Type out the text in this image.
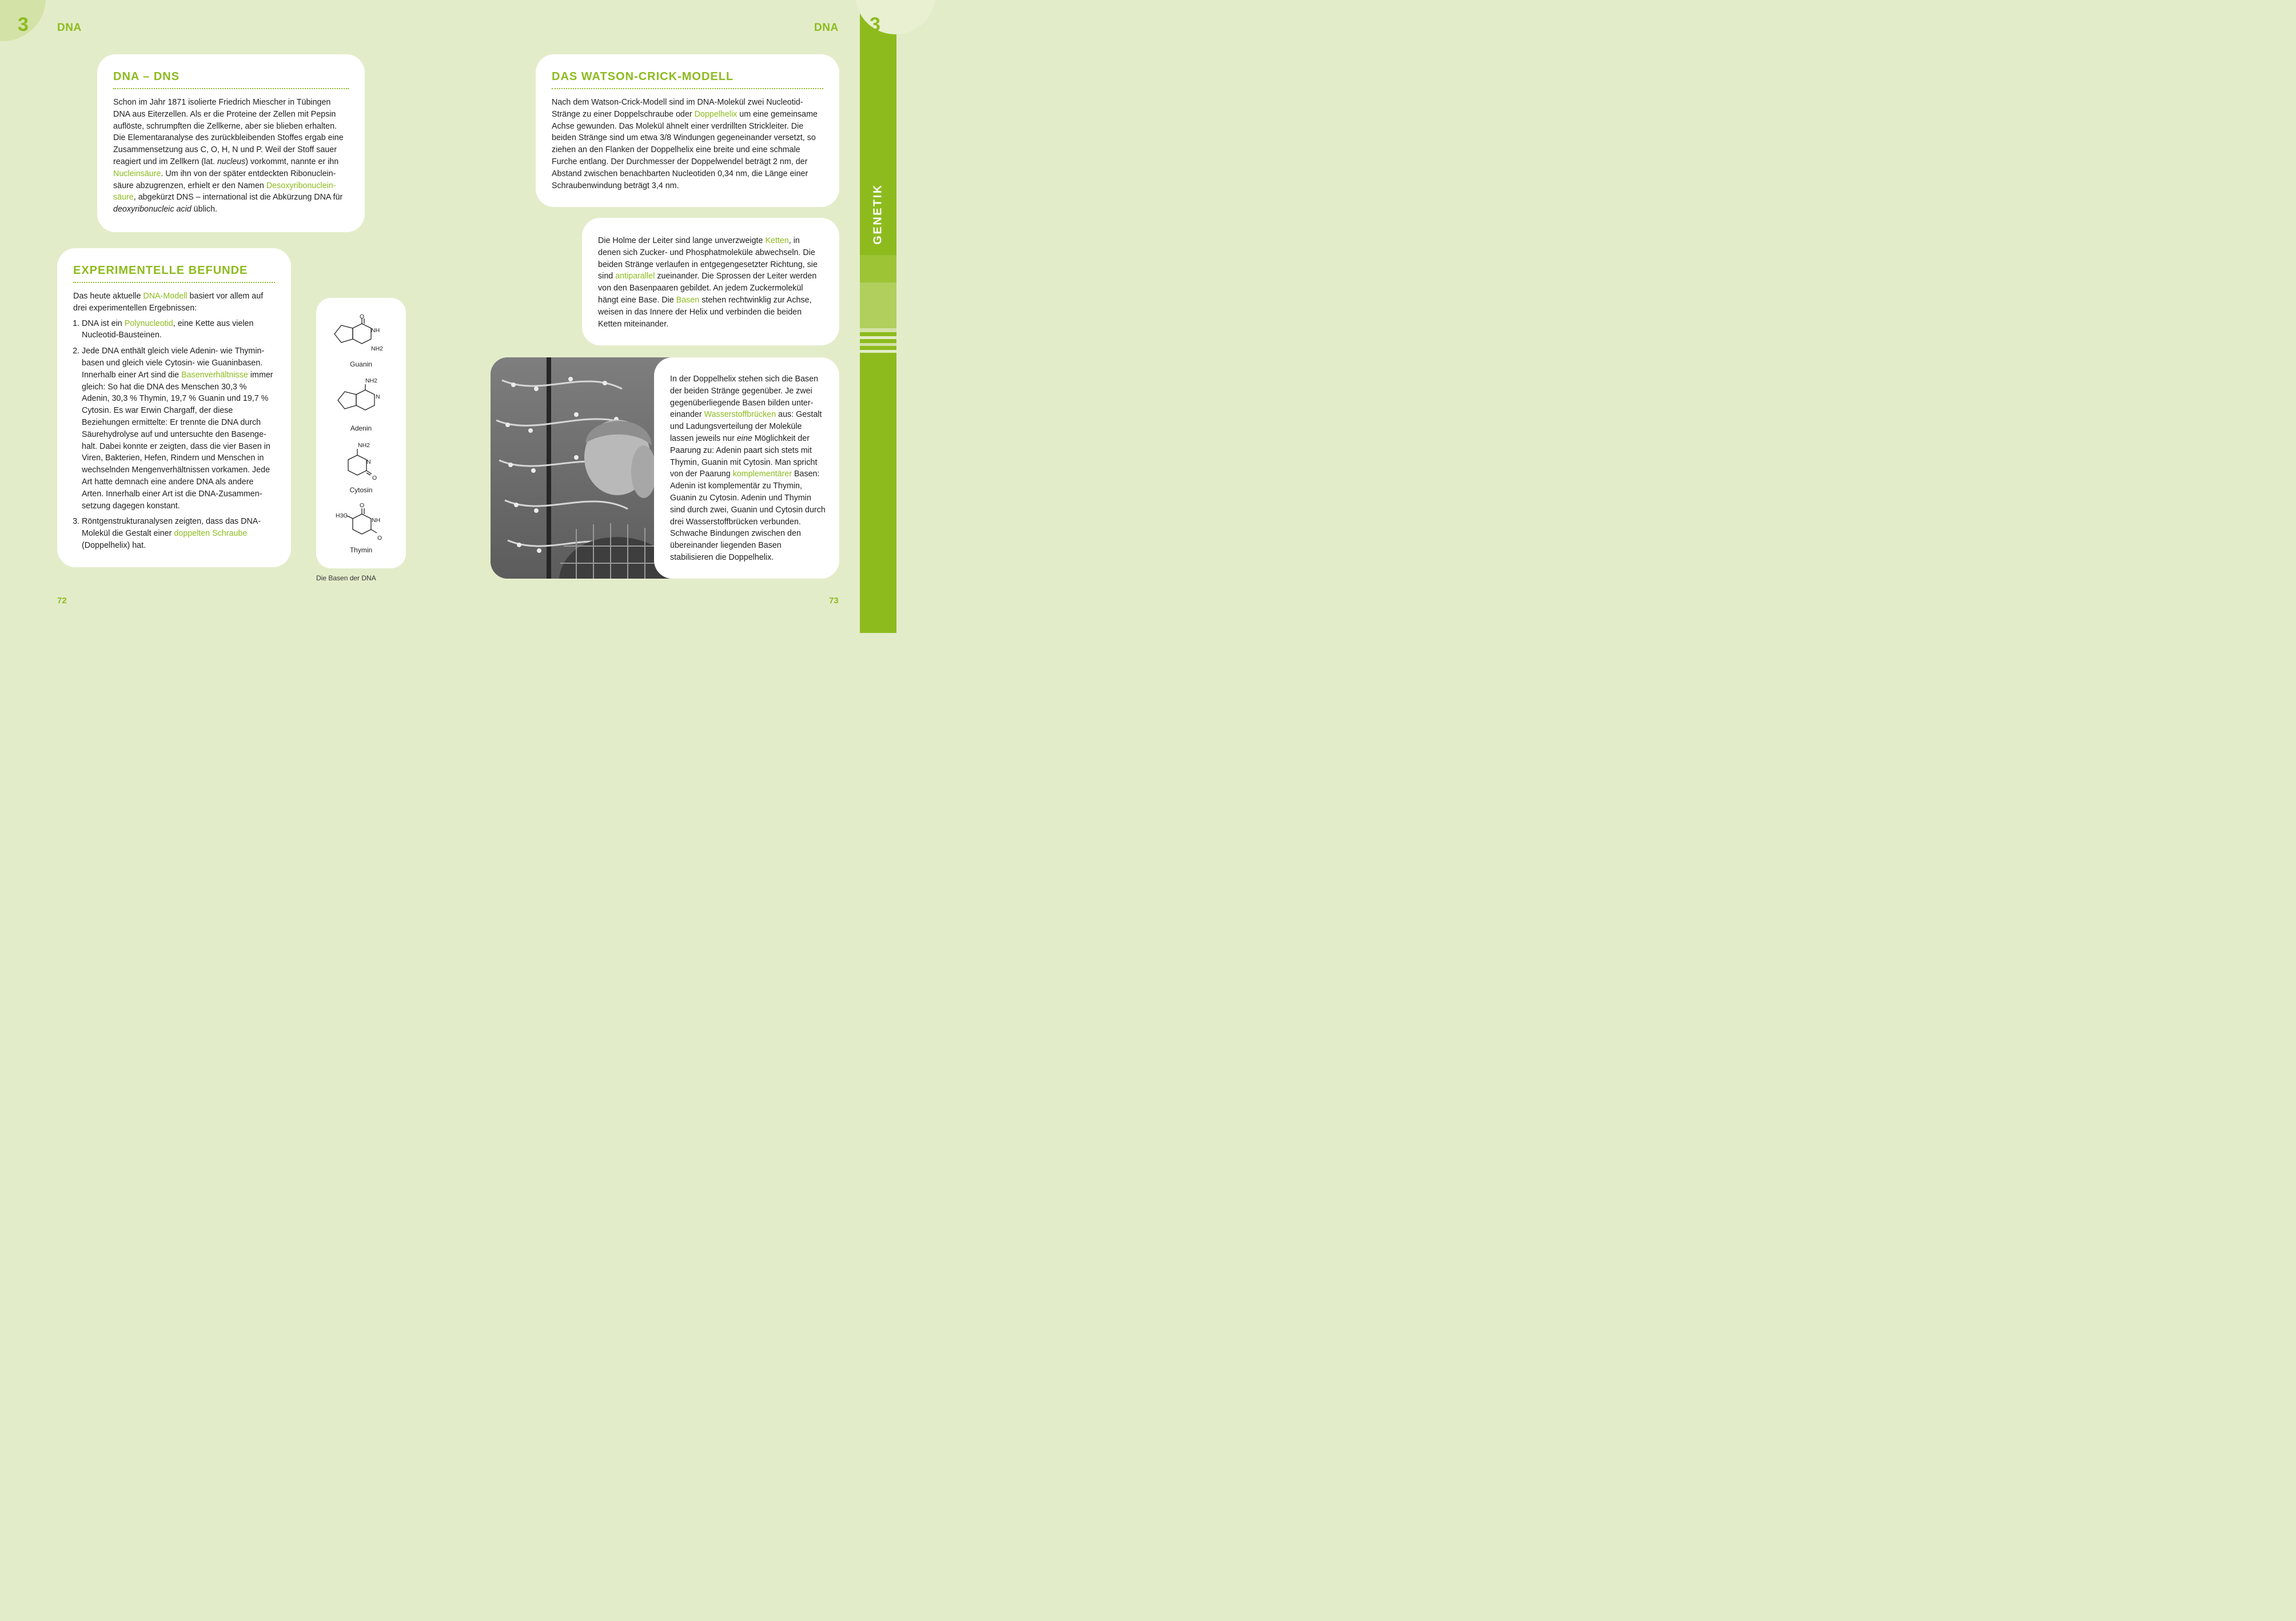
3	DNA
GENETIK
3
DNA
DNA – DNS
Schon im Jahr 1871 isolierte Friedrich Miescher in Tübingen DNA aus Eiterzellen. Als er die Proteine der Zellen mit Pepsin auflöste, schrumpften die Zellkerne, aber sie blieben erhalten. Die Elementaranalyse des zurückbleibenden Stoffes ergab eine Zusammensetzung aus C, O, H, N und P. Weil der Stoff sauer reagiert und im Zellkern (lat. nucleus) vorkommt, nannte er ihn Nucleinsäure. Um ihn von der später entdeckten Ribonucleinsäure abzugrenzen, erhielt er den Namen Desoxyribonucleinsäure, abgekürzt DNS – international ist die Abkürzung DNA für deoxyribonucleic acid üblich.
EXPERIMENTELLE BEFUNDE
Das heute aktuelle DNA-Modell basiert vor allem auf drei experimentellen Ergebnissen:
1. DNA ist ein Polynucleotid, eine Kette aus vielen Nucleotid-Bausteinen.
2. Jede DNA enthält gleich viele Adenin- wie Thyminbasen und gleich viele Cytosin- wie Guaninbasen. Innerhalb einer Art sind die Basenverhältnisse immer gleich: So hat die DNA des Menschen 30,3 % Adenin, 30,3 % Thymin, 19,7 % Guanin und 19,7 % Cytosin. Es war Erwin Chargaff, der diese Beziehungen ermittelte: Er trennte die DNA durch Säurehydrolyse auf und untersuchte den Basengehalt. Dabei konnte er zeigten, dass die vier Basen in Viren, Bakterien, Hefen, Rindern und Menschen in wechselnden Mengenverhältnissen vorkamen. Jede Art hatte demnach eine andere DNA als andere Arten. Innerhalb einer Art ist die DNA-Zusammensetzung dagegen konstant.
3. Röntgenstrukturanalysen zeigten, dass das DNA-Molekül die Gestalt einer doppelten Schraube (Doppelhelix) hat.
O
NH
NH2
NH2
N
NH2
N
O
O
NH
O
H3C
Guanin
Adenin
Cytosin
Thymin
Die Basen der DNA
DAS WATSON-CRICK-MODELL
Nach dem Watson-Crick-Modell sind im DNA-Molekül zwei Nucleotid-Stränge zu einer Doppelschraube oder Doppelhelix um eine gemeinsame Achse gewunden. Das Molekül ähnelt einer verdrillten Strickleiter. Die beiden Stränge sind um etwa 3/8 Windungen gegeneinander versetzt, so ziehen an den Flanken der Doppelhelix eine breite und eine schmale Furche entlang. Der Durchmesser der Doppelwendel beträgt 2 nm, der Abstand zwischen benachbarten Nucleotiden 0,34 nm, die Länge einer Schraubenwindung beträgt 3,4 nm.
Die Holme der Leiter sind lange unverzweigte Ketten, in denen sich Zucker- und Phosphatmoleküle abwechseln. Die beiden Stränge verlaufen in entgegengesetzter Richtung, sie sind antiparallel zueinander. Die Sprossen der Leiter werden von den Basenpaaren gebildet. An jedem Zuckermolekül hängt eine Base. Die Basen stehen rechtwinklig zur Achse, weisen in das Innere der Helix und verbinden die beiden Ketten miteinander.
In der Doppelhelix stehen sich die Basen der beiden Stränge gegenüber. Je zwei gegenüberliegende Basen bilden untereinander Wasserstoffbrücken aus: Gestalt und Ladungsverteilung der Moleküle lassen jeweils nur eine Möglichkeit der Paarung zu: Adenin paart sich stets mit Thymin, Guanin mit Cytosin. Man spricht von der Paarung komplementärer Basen: Adenin ist komplementär zu Thymin, Guanin zu Cytosin. Adenin und Thymin sind durch zwei, Guanin und Cytosin durch drei Wasserstoffbrücken verbunden. Schwache Bindungen zwischen den übereinander liegenden Basen stabilisieren die Doppelhelix.
72	73
